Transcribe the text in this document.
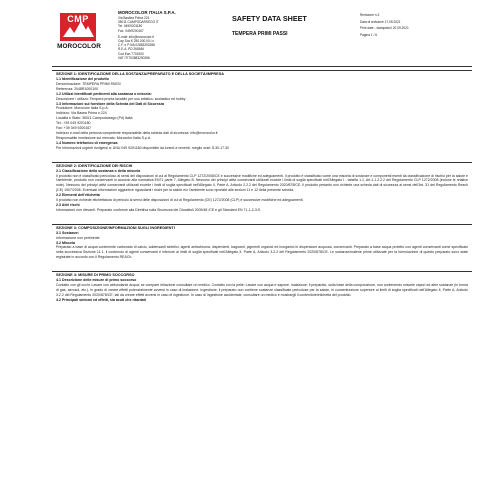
CMP
MOROCOLOR
MOROCOLOR ITALIA S.P.A.
Via Basilea Prima 224
35011 CAMPODARSEGO IT
Tel. 049/9201180
Fax. 049/9200167
E-mail: info@morocolor.it
Cap.Soc.€ 250.000,00 i.v.
C.F. e P.IVA 02883290286
R.E.A. PD 268546
Cod.Ean 7701500
VAT ITIT02883290286
SAFETY DATA SHEET
TEMPERA PRIMI PASSI
Revisione n.3
Data di revisione 17.05.2021
Print date - stampata il 20.09.2021
Pagina 1 / 6
SEZIONE 1: IDENTIFICAZIONE DELLA SOSTANZA/PREPARATO E DELLA SOCIETÀ/IMPRESA
1.1 Identificazione del prodotto
Denominazione: TEMPERA PRIMI PASSI
Referenza: 2048R1000100
1.2 Utilizzi identificati pertinenti alla sostanza o miscela:
Descrizione / utilizzo: Tempera pronta lavabile per uso artistico, scolastico ed hobby
1.3 Informazioni sul fornitore della Scheda dei Dati di Sicurezza
Produttore: Morocolor Italia S.p.A.
Indirizzo: Via Basea Prima n.224
Località e Stato: 35011 Campodarsego (Pd) Italia
Tel.: +39 049 9201180
Fax: +39 049 9200167
Indirizzo e-mail della persona competente responsabile della scheda dati di sicurezza: info@morocolor.it
Responsabile immissione sul mercato: Morocolor Italia S.p.A.
1.4 Numero telefonico di emergenza
Per informazioni urgenti rivolgersi a: UNU 049 9201180 disponibile da lunedì a venerdì, meglio orari: 8,30-17,30
SEZIONE 2: IDENTIFICAZIONE DEI RISCHI
2.1 Classificazione della sostanza o della miscela
Il prodotto non è classificato pericoloso ai sensi del disposizioni di cui al Regolamento CLP 1272/2008/CE e successive modifiche ed adeguamenti. Il prodotto è classificato come una miscela di sostanze e componenti esenti da classificazione di rischio per la salute e l'ambiente, prodotto non conservanti in accordo alla normativa EN71 parte 7, Allegato B. Nessuno dei principi attivi conservanti utilizzati eccede i limiti di soglia specificati nell'Allegato I - tabella 1.1, Art.1.1.2.2.2 del Regolamento CLP 1272/2008 (incluse le relative note). Nessuno dei principi attivi conservanti utilizzati eccede i limiti di soglia specificati nell'Allegato II, Parte A, Articolo 2.2.2 del Regolamento 2020/878/CE. Il prodotto pertanto non richiede una scheda dati di sicurezza ai sensi dell'Art. 31 del Regolamento Reach (CE) 1907/2006. Eventuali informazioni aggiuntive riguardanti i rischi per la salute e/o l'ambiente sono riportate alle sezioni 11 e 12 della presente scheda.
2.2 Elementi dell'etichetta
Il prodotto non richiede etichettatura di pericolo ai sensi delle disposizioni di cui al Regolamento (CE) 1272/2008 (CLP) e successive modifiche ed adeguamenti.
2.3 Altri rischi
Informazioni non rilevanti. Preparato conforme alla Direttiva sulla Sicurezza dei Giocattoli 2009/48 /CE e gli Standard EN 71-1-2-3-9.
SEZIONE 3: COMPOSIZIONE/INFORMAZIONI SUGLI INGREDIENTI
3.1 Sostanze:
Informazione non pertinente
3.2 Miscela
Preparato a base di acqua contenente carbonato di calcio, addensanti sintetici, agenti antischiuma, disperdenti, bagnanti, pigmenti organici ed inorganici in dispersione acquosa, conservanti. Preparato a base acqua protetto con agenti conservanti come specificato nella successiva Sezione 11.1, il contenuto di agenti conservanti è inferiore ai limiti di soglia specificati nell'Allegato II, Parte A, Articolo 3.2.2 del Regolamento 2020/878/CE. Le sostanze/materie prime utilizzate per la formulazione di questo preparato sono state registrate in accordo con il Regolamento REACh.
SEZIONE 4: MISURE DI PRIMO SOCCORSO
4.1 Descrizione delle misure di primo soccorso
Contatto con gli occhi: Lavare con abbondante acqua; se compare irritazione consultare un medico. Contatto con la pelle: Lavare con acqua e sapone. Inalazione: il preparato, sulla base della composizione, non contenendo miscele vapori ed altre sostanze (in forma di gas, aerosol, etc.), in grado di creare effetti potenzialmente avversi in caso di inalazione. Ingestione: il preparato non contiene sostanze classificate pericolose per la salute, in concentrazione superiore ai limiti di soglia specificati nell'Allegato II, Parte A, Articolo 3.2.2 del Regolamento 2020/878/CE, tali da creare effetti avversi in caso di ingestione. In caso di ingestione accidentale, consultare un medico e mostrargli il contenitore/etichetta del prodotto.
4.2 Principali sintomi ed effetti, sia acuti che ritardati
